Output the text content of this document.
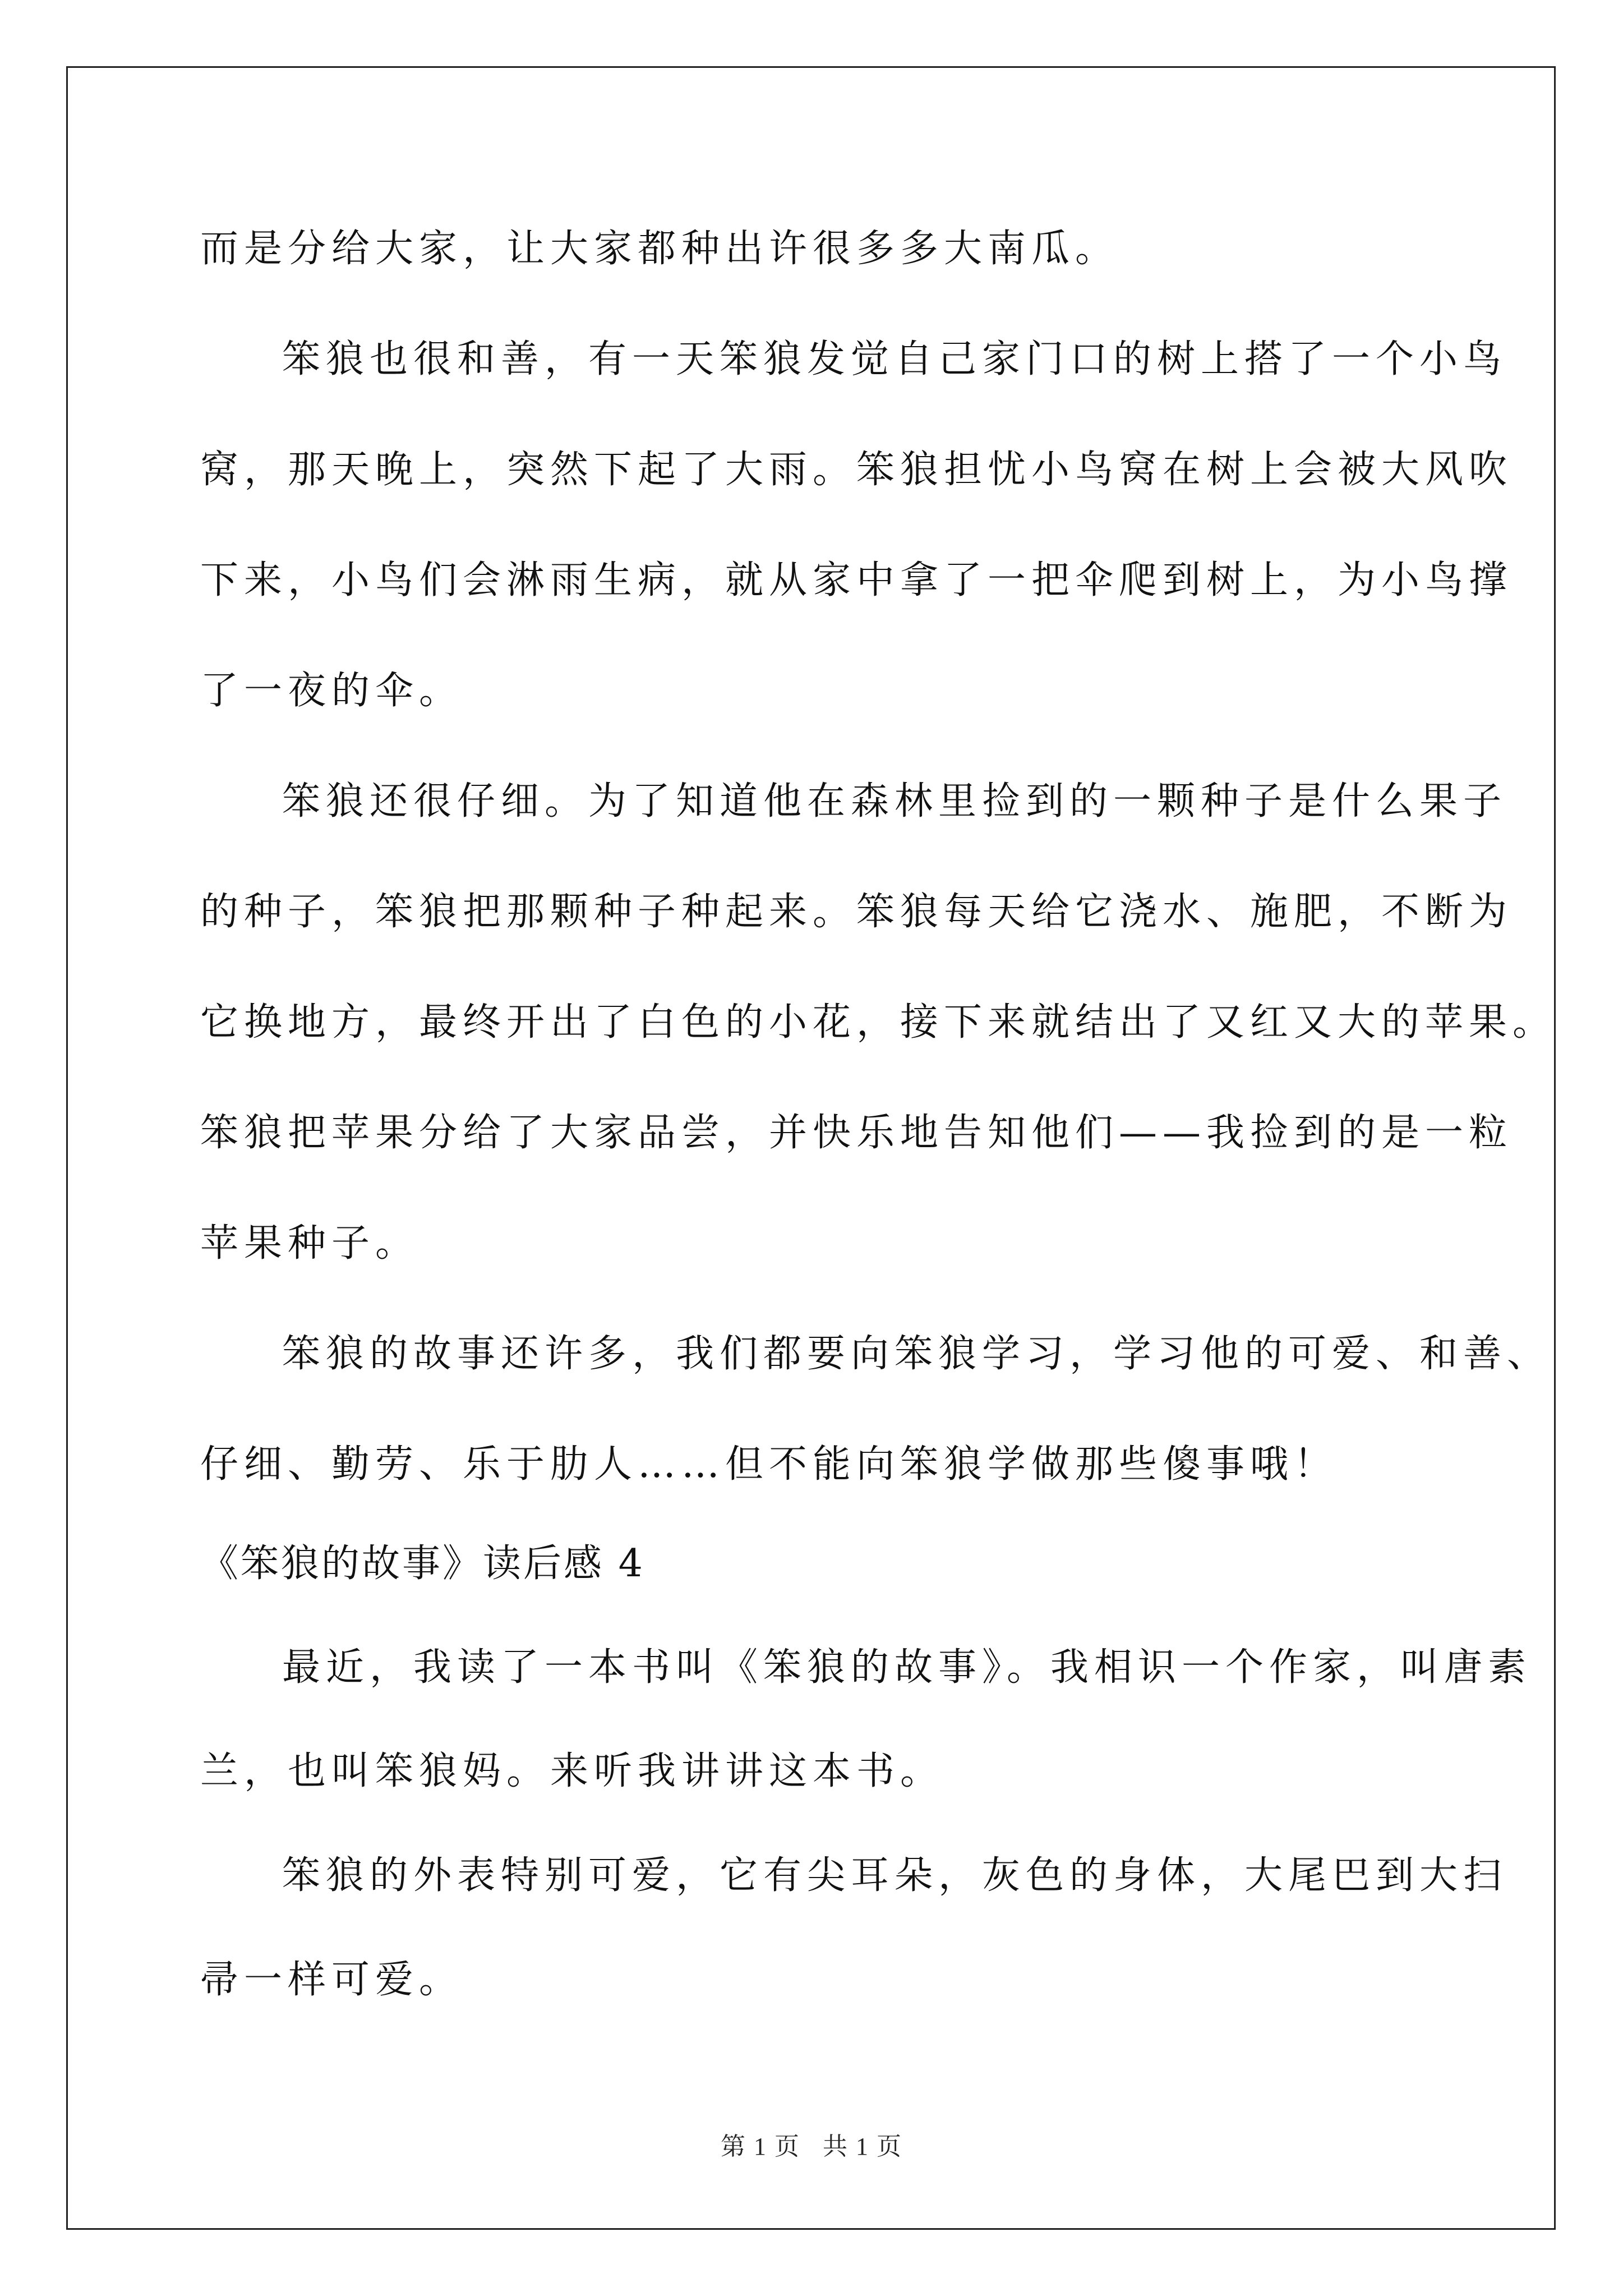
而是分给大家，让大家都种出许很多多大南瓜。
笨狼也很和善，有一天笨狼发觉自己家门口的树上搭了一个小鸟
窝，那天晚上，突然下起了大雨。笨狼担忧小鸟窝在树上会被大风吹
下来，小鸟们会淋雨生病，就从家中拿了一把伞爬到树上，为小鸟撑
了一夜的伞。
笨狼还很仔细。为了知道他在森林里捡到的一颗种子是什么果子
的种子，笨狼把那颗种子种起来。笨狼每天给它浇水、施肥，不断为
它换地方，最终开出了白色的小花，接下来就结出了又红又大的苹果。
笨狼把苹果分给了大家品尝，并快乐地告知他们——我捡到的是一粒
苹果种子。
笨狼的故事还许多，我们都要向笨狼学习，学习他的可爱、和善、
仔细、勤劳、乐于肋人……但不能向笨狼学做那些傻事哦！
《笨狼的故事》读后感 4
最近，我读了一本书叫《笨狼的故事》。我相识一个作家，叫唐素
兰，也叫笨狼妈。来听我讲讲这本书。
笨狼的外表特别可爱，它有尖耳朵，灰色的身体，大尾巴到大扫
帚一样可爱。
第 1 页 共 1 页
